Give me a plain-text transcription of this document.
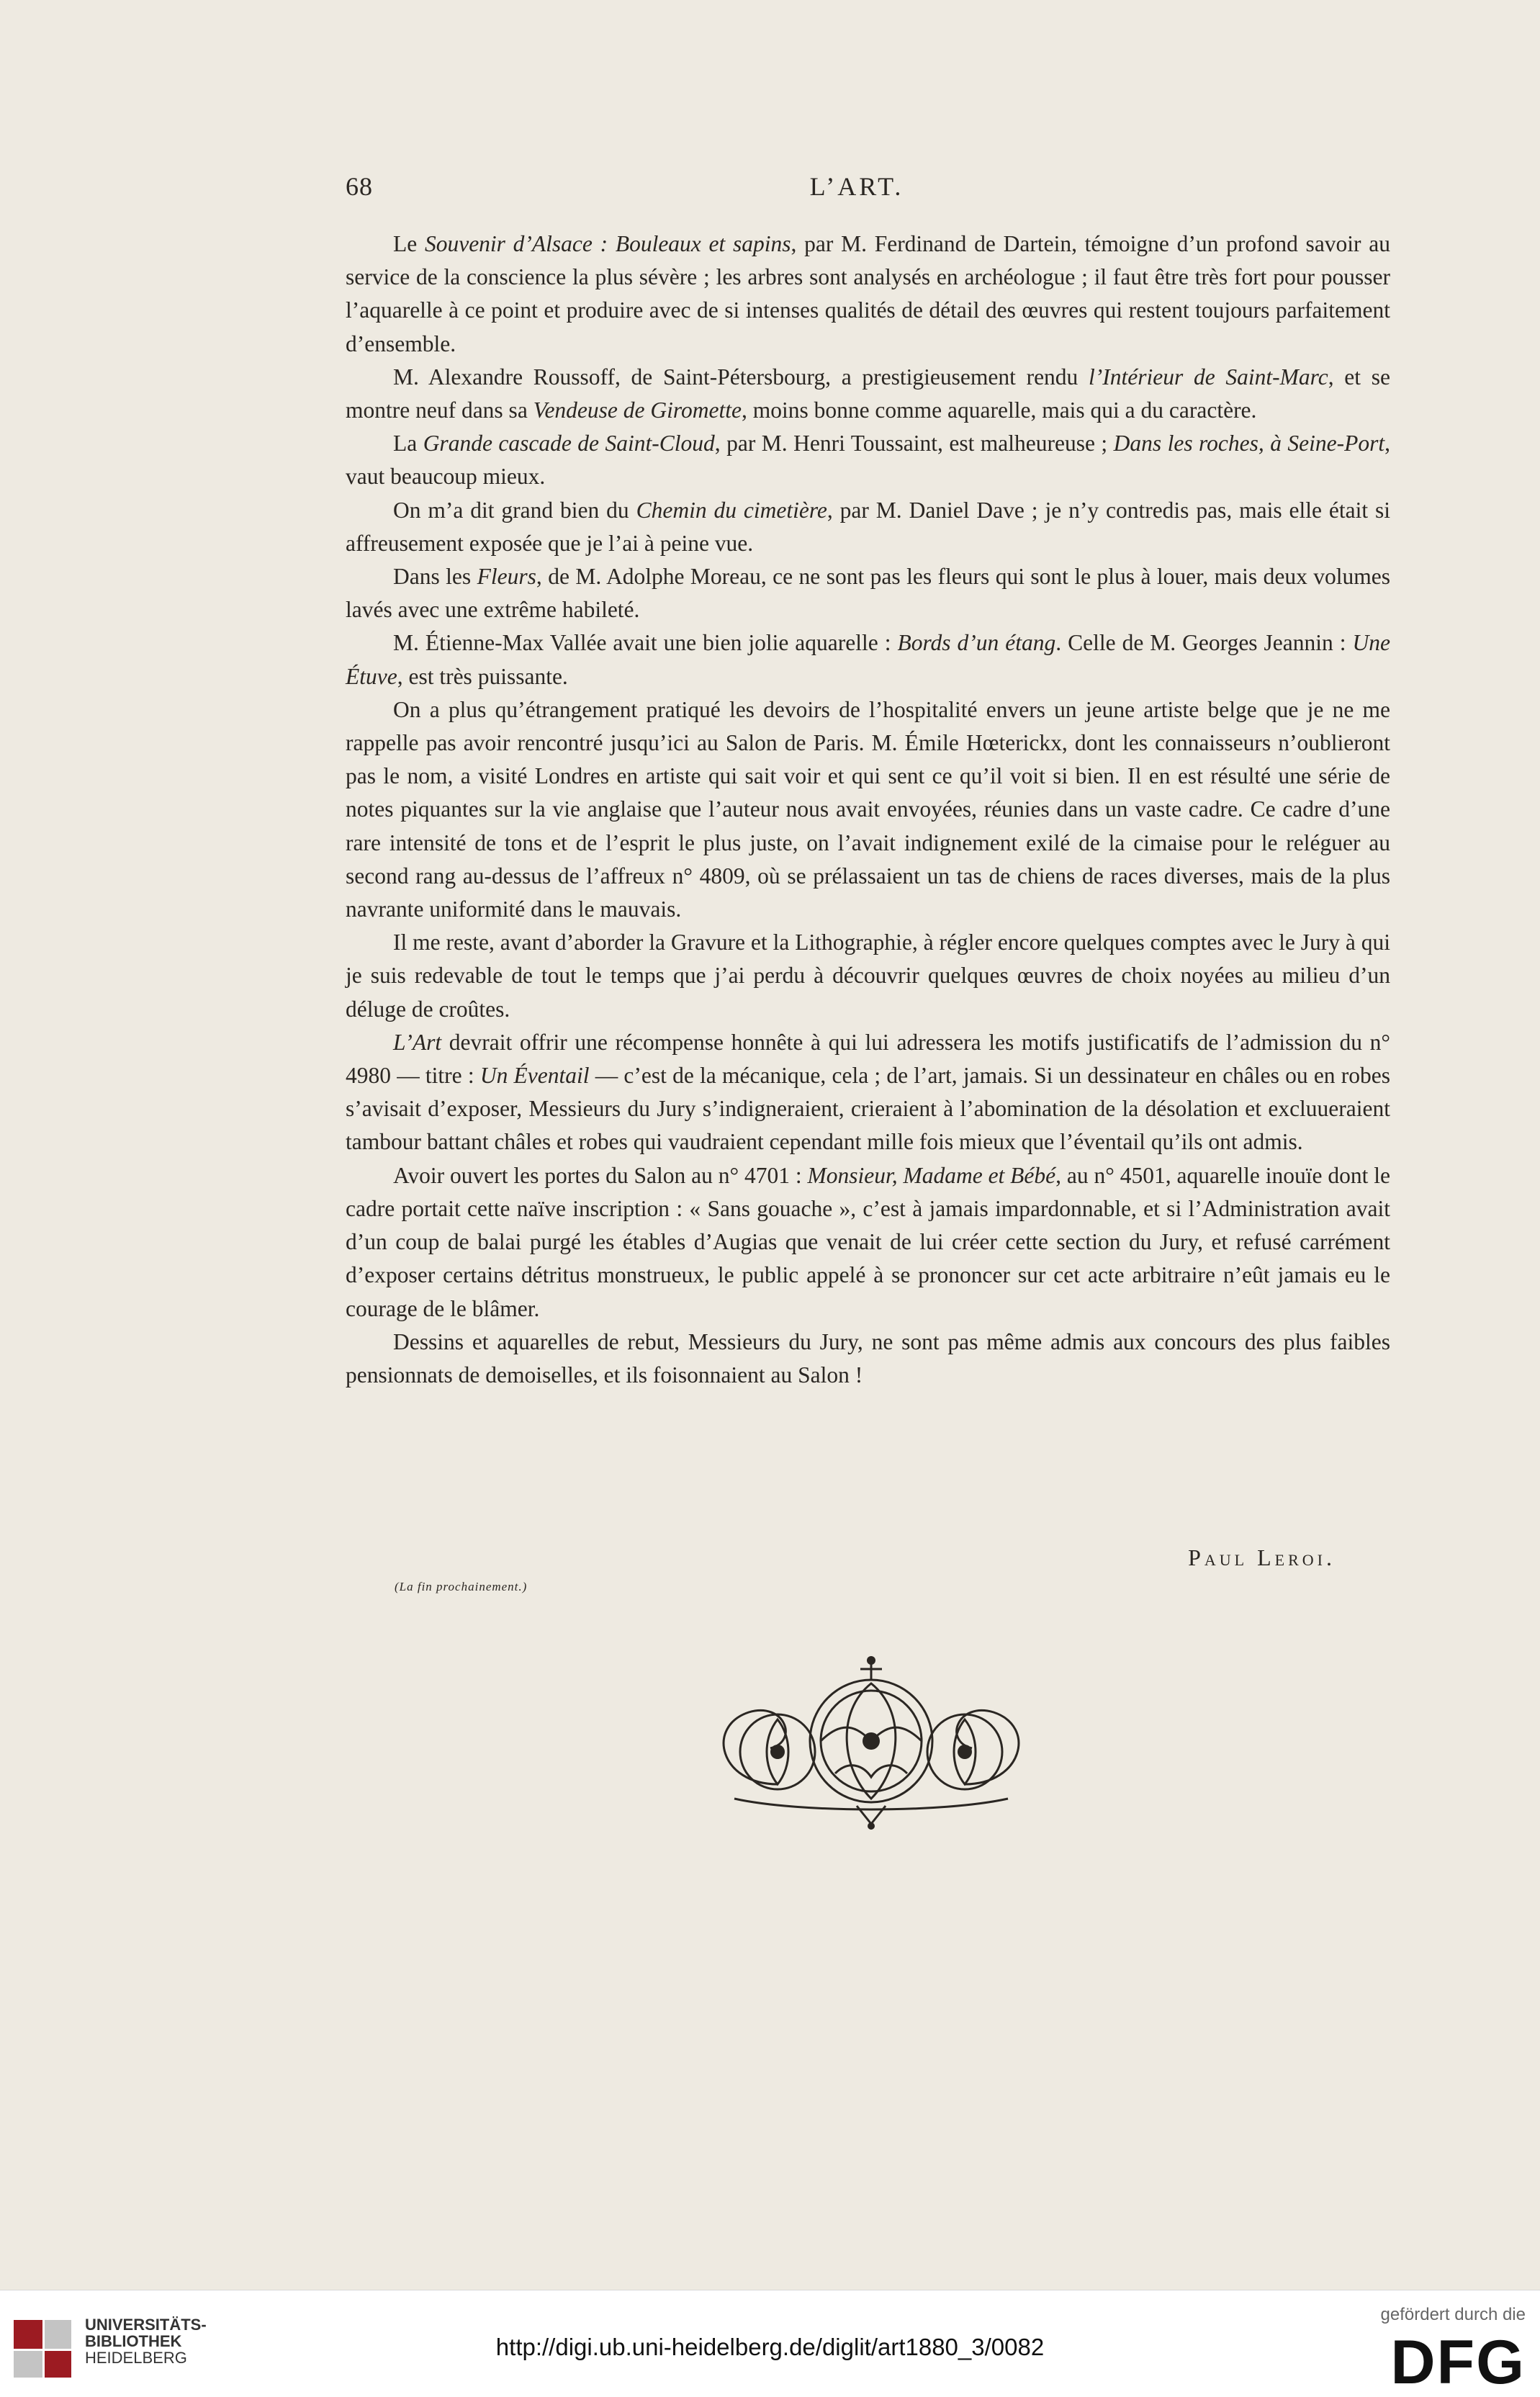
68	L’ART.

Le Souvenir d’Alsace : Bouleaux et sapins, par M. Ferdinand de Dartein, témoigne d’un profond savoir au service de la conscience la plus sévère ; les arbres sont analysés en archéologue ; il faut être très fort pour pousser l’aquarelle à ce point et produire avec de si intenses qualités de détail des œuvres qui restent toujours parfaitement d’ensemble.

M. Alexandre Roussoff, de Saint-Pétersbourg, a prestigieusement rendu l’Intérieur de Saint-Marc, et se montre neuf dans sa Vendeuse de Giromette, moins bonne comme aquarelle, mais qui a du caractère.

La Grande cascade de Saint-Cloud, par M. Henri Toussaint, est malheureuse ; Dans les roches, à Seine-Port, vaut beaucoup mieux.

On m’a dit grand bien du Chemin du cimetière, par M. Daniel Dave ; je n’y contredis pas, mais elle était si affreusement exposée que je l’ai à peine vue.

Dans les Fleurs, de M. Adolphe Moreau, ce ne sont pas les fleurs qui sont le plus à louer, mais deux volumes lavés avec une extrême habileté.

M. Étienne-Max Vallée avait une bien jolie aquarelle : Bords d’un étang. Celle de M. Georges Jeannin : Une Étuve, est très puissante.

On a plus qu’étrangement pratiqué les devoirs de l’hospitalité envers un jeune artiste belge que je ne me rappelle pas avoir rencontré jusqu’ici au Salon de Paris. M. Émile Hœterickx, dont les connaisseurs n’oublieront pas le nom, a visité Londres en artiste qui sait voir et qui sent ce qu’il voit si bien. Il en est résulté une série de notes piquantes sur la vie anglaise que l’auteur nous avait envoyées, réunies dans un vaste cadre. Ce cadre d’une rare intensité de tons et de l’esprit le plus juste, on l’avait indignement exilé de la cimaise pour le reléguer au second rang au-dessus de l’affreux n° 4809, où se prélassaient un tas de chiens de races diverses, mais de la plus navrante uniformité dans le mauvais.

Il me reste, avant d’aborder la Gravure et la Lithographie, à régler encore quelques comptes avec le Jury à qui je suis redevable de tout le temps que j’ai perdu à découvrir quelques œuvres de choix noyées au milieu d’un déluge de croûtes.

L’Art devrait offrir une récompense honnête à qui lui adressera les motifs justificatifs de l’admission du n° 4980 — titre : Un Éventail — c’est de la mécanique, cela ; de l’art, jamais. Si un dessinateur en châles ou en robes s’avisait d’exposer, Messieurs du Jury s’indigneraient, crieraient à l’abomination de la désolation et excluueraient tambour battant châles et robes qui vaudraient cependant mille fois mieux que l’éventail qu’ils ont admis.

Avoir ouvert les portes du Salon au n° 4701 : Monsieur, Madame et Bébé, au n° 4501, aquarelle inouïe dont le cadre portait cette naïve inscription : « Sans gouache », c’est à jamais impardonnable, et si l’Administration avait d’un coup de balai purgé les étables d’Augias que venait de lui créer cette section du Jury, et refusé carrément d’exposer certains détritus monstrueux, le public appelé à se prononcer sur cet acte arbitraire n’eût jamais eu le courage de le blâmer.

Dessins et aquarelles de rebut, Messieurs du Jury, ne sont pas même admis aux concours des plus faibles pensionnats de demoiselles, et ils foisonnaient au Salon !

Paul Leroi.
(La fin prochainement.)
UNIVERSITÄTS-
BIBLIOTHEK
HEIDELBERG	http://digi.ub.uni-heidelberg.de/diglit/art1880_3/0082
gefördert durch die
DFG
